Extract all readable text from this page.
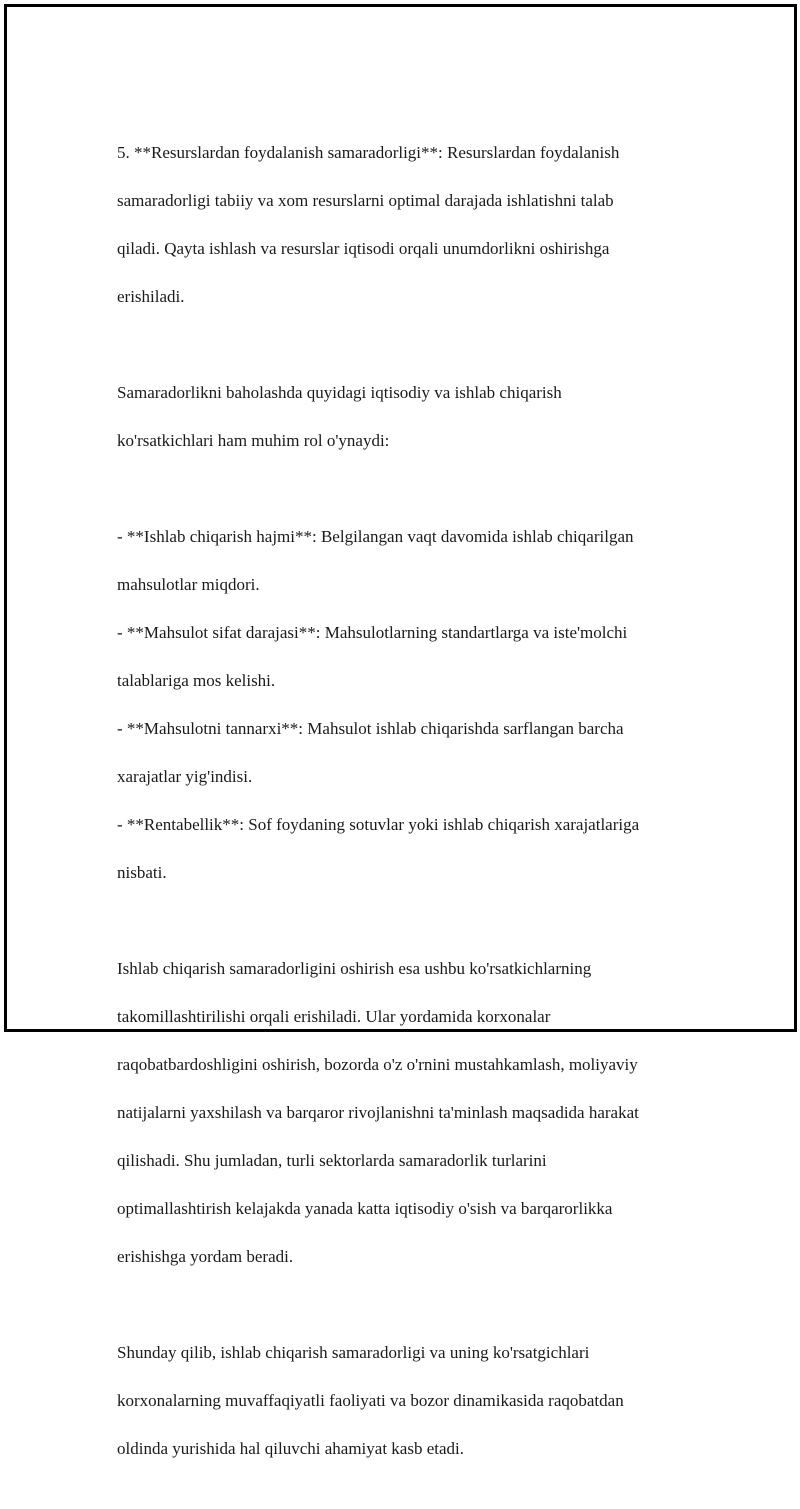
5. **Resurslardan foydalanish samaradorligi**: Resurslardan foydalanish

samaradorligi tabiiy va xom resurslarni optimal darajada ishlatishni talab

qiladi. Qayta ishlash va resurslar iqtisodi orqali unumdorlikni oshirishga

erishiladi.

Samaradorlikni baholashda quyidagi iqtisodiy va ishlab chiqarish

ko'rsatkichlari ham muhim rol o'ynaydi:

- **Ishlab chiqarish hajmi**: Belgilangan vaqt davomida ishlab chiqarilgan

mahsulotlar miqdori.

- **Mahsulot sifat darajasi**: Mahsulotlarning standartlarga va iste'molchi

talablariga mos kelishi.

- **Mahsulotni tannarxi**: Mahsulot ishlab chiqarishda sarflangan barcha

xarajatlar yig'indisi.

- **Rentabellik**: Sof foydaning sotuvlar yoki ishlab chiqarish xarajatlariga

nisbati.

Ishlab chiqarish samaradorligini oshirish esa ushbu ko'rsatkichlarning

takomillashtirilishi orqali erishiladi. Ular yordamida korxonalar

raqobatbardoshligini oshirish, bozorda o'z o'rnini mustahkamlash, moliyaviy

natijalarni yaxshilash va barqaror rivojlanishni ta'minlash maqsadida harakat

qilishadi. Shu jumladan, turli sektorlarda samaradorlik turlarini

optimallashtirish kelajakda yanada katta iqtisodiy o'sish va barqarorlikka

erishishga yordam beradi.

Shunday qilib, ishlab chiqarish samaradorligi va uning ko'rsatgichlari

korxonalarning muvaffaqiyatli faoliyati va bozor dinamikasida raqobatdan

oldinda yurishida hal qiluvchi ahamiyat kasb etadi.
